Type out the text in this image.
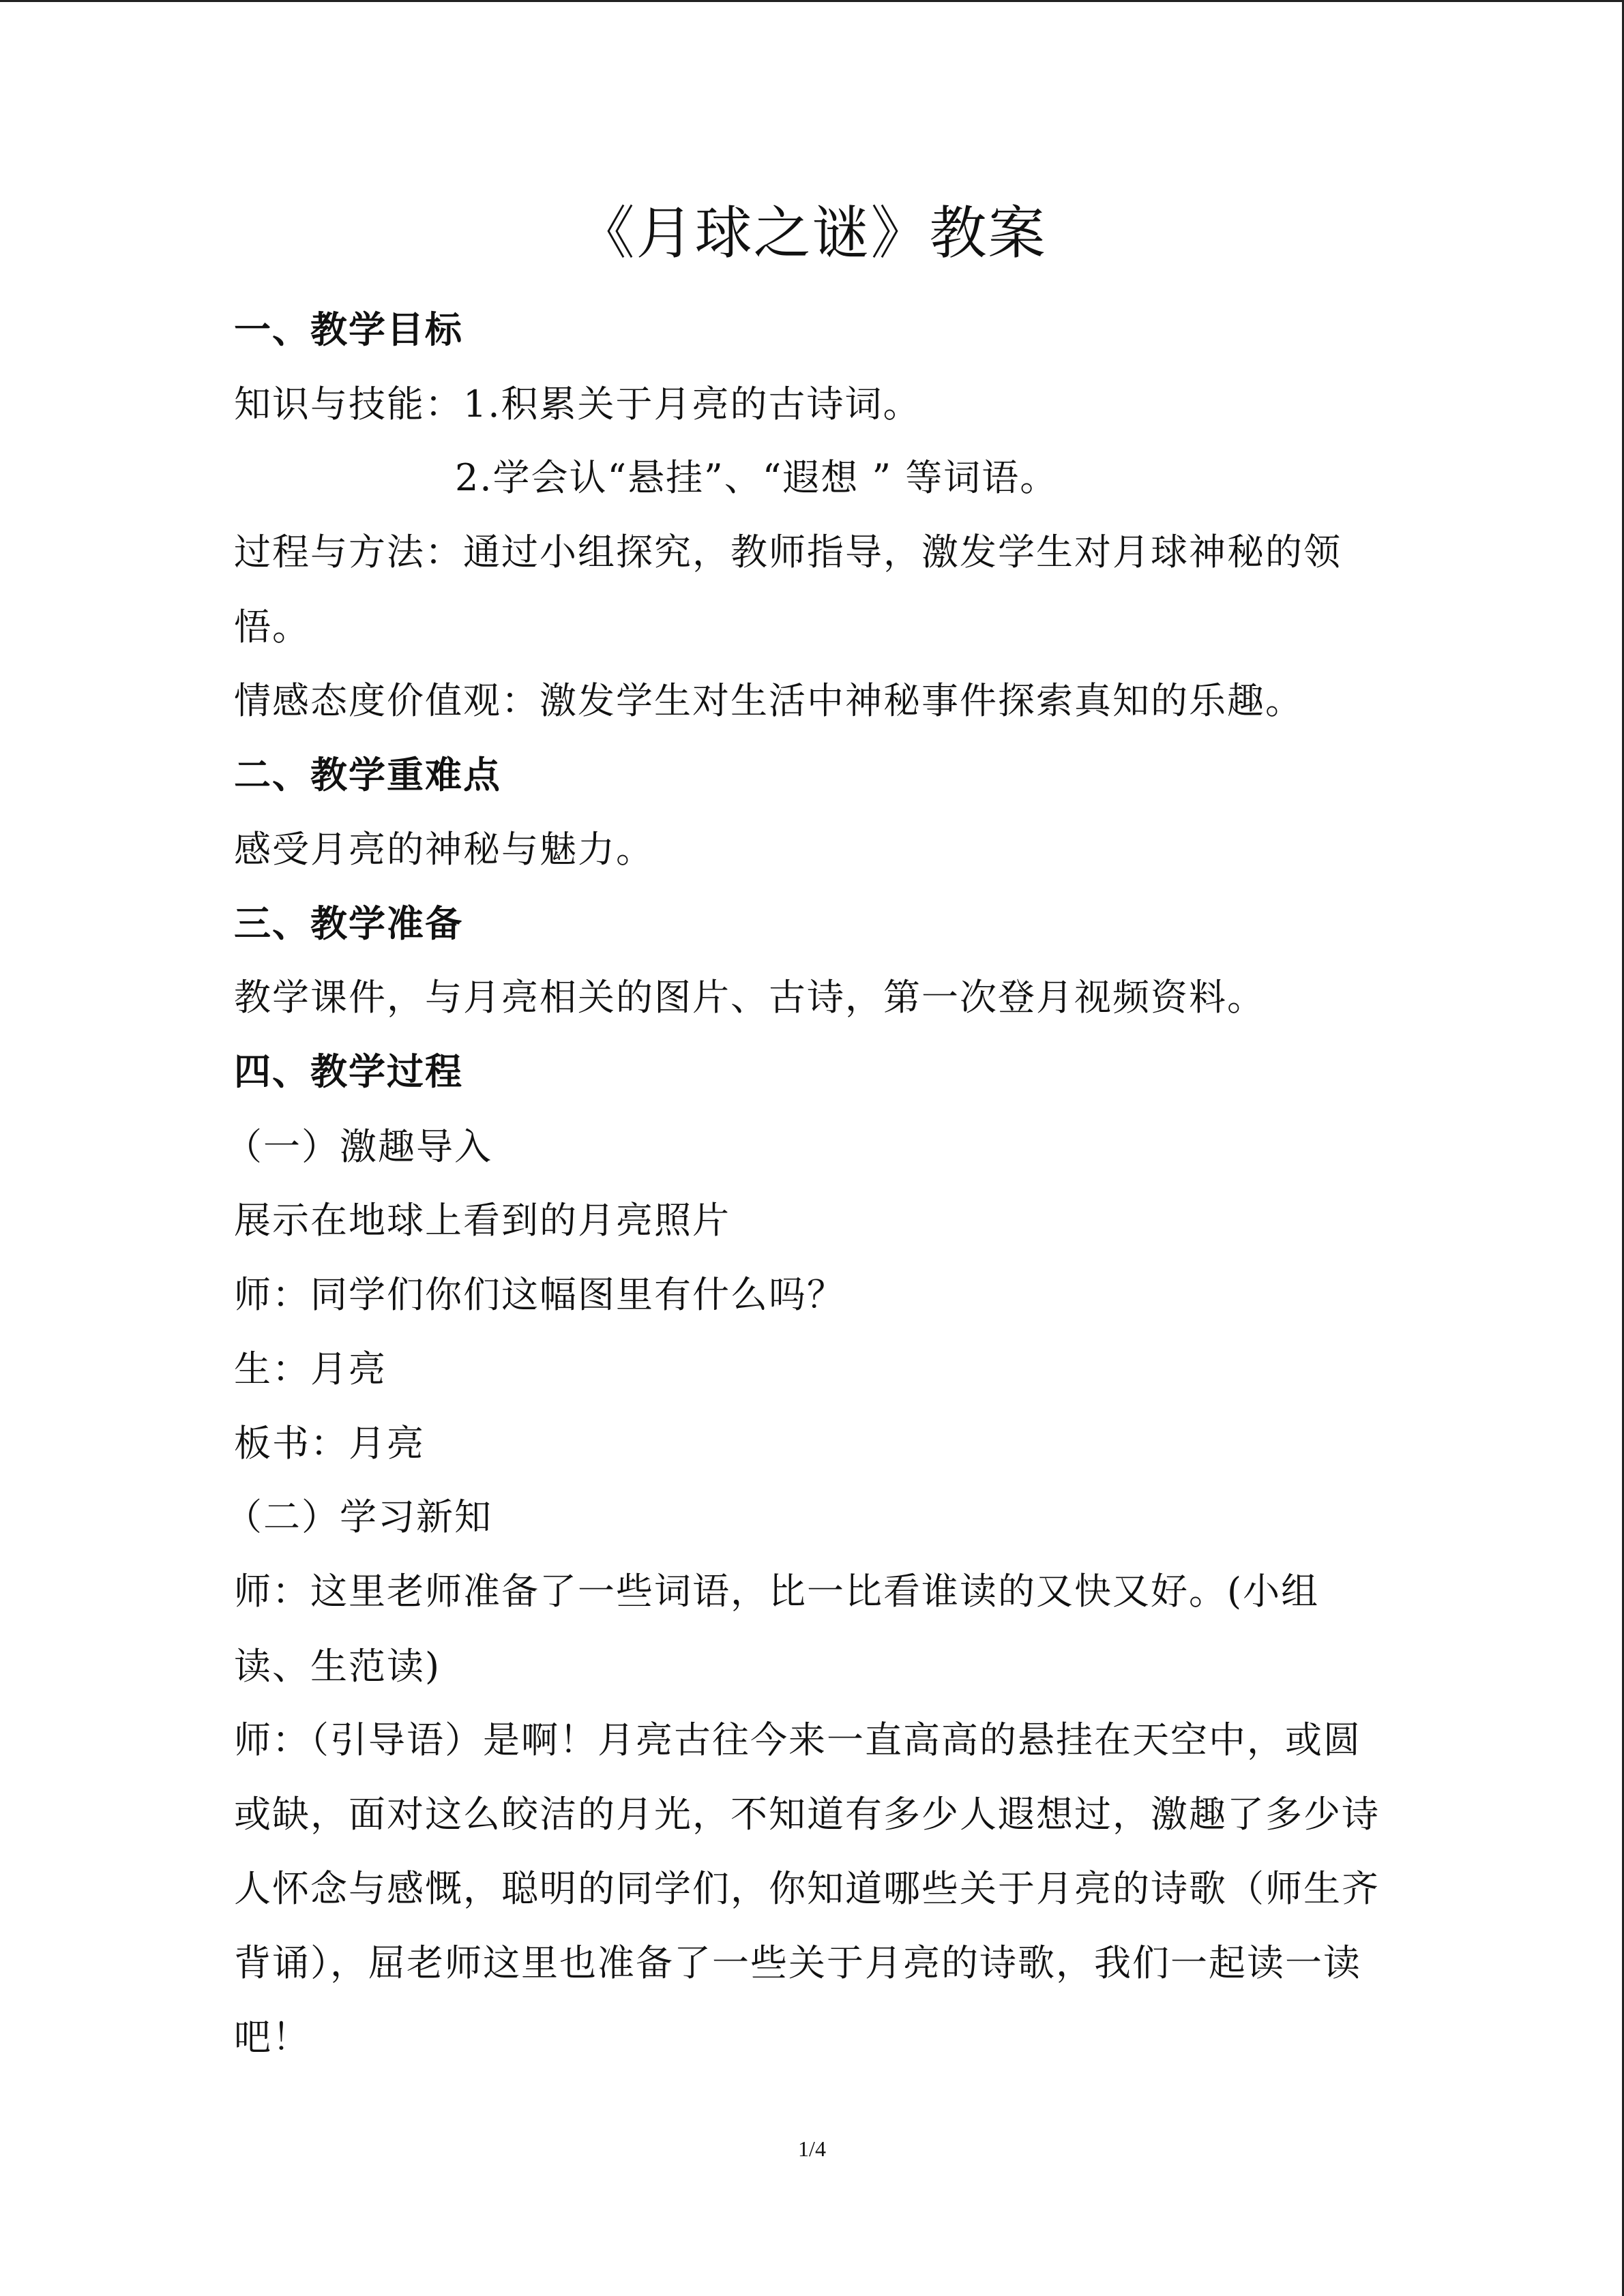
《月球之谜》教案

一、教学目标

知识与技能：1.积累关于月亮的古诗词。

2.学会认“悬挂”、“遐想 ” 等词语。

过程与方法：通过小组探究，教师指导，激发学生对月球神秘的领

悟。

情感态度价值观：激发学生对生活中神秘事件探索真知的乐趣。

二、教学重难点

感受月亮的神秘与魅力。

三、教学准备

教学课件，与月亮相关的图片、古诗，第一次登月视频资料。

四、教学过程

（一）激趣导入

展示在地球上看到的月亮照片

师：同学们你们这幅图里有什么吗？

生：月亮

板书：月亮

（二）学习新知

师：这里老师准备了一些词语，比一比看谁读的又快又好。(小组

读、生范读)

师：（引导语）是啊！月亮古往今来一直高高的悬挂在天空中，或圆

或缺，面对这么皎洁的月光，不知道有多少人遐想过，激趣了多少诗

人怀念与感慨，聪明的同学们，你知道哪些关于月亮的诗歌（师生齐

背诵），屈老师这里也准备了一些关于月亮的诗歌，我们一起读一读

吧！

1/4
